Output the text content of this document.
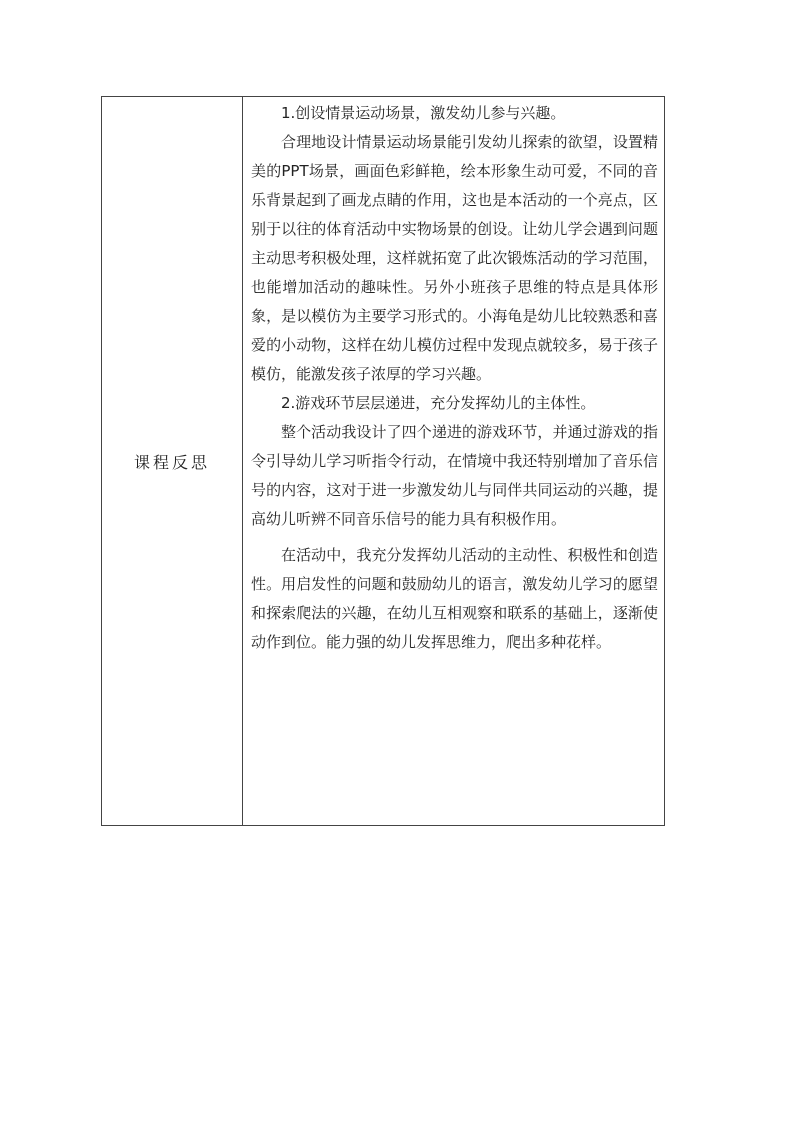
课程反思

1.创设情景运动场景，激发幼儿参与兴趣。

合理地设计情景运动场景能引发幼儿探索的欲望，设置精美的PPT场景，画面色彩鲜艳，绘本形象生动可爱，不同的音乐背景起到了画龙点睛的作用，这也是本活动的一个亮点，区别于以往的体育活动中实物场景的创设。让幼儿学会遇到问题主动思考积极处理，这样就拓宽了此次锻炼活动的学习范围，也能增加活动的趣味性。另外小班孩子思维的特点是具体形象，是以模仿为主要学习形式的。小海龟是幼儿比较熟悉和喜爱的小动物，这样在幼儿模仿过程中发现点就较多，易于孩子模仿，能激发孩子浓厚的学习兴趣。

2.游戏环节层层递进，充分发挥幼儿的主体性。

整个活动我设计了四个递进的游戏环节，并通过游戏的指令引导幼儿学习听指令行动，在情境中我还特别增加了音乐信号的内容，这对于进一步激发幼儿与同伴共同运动的兴趣，提高幼儿听辨不同音乐信号的能力具有积极作用。

在活动中，我充分发挥幼儿活动的主动性、积极性和创造性。用启发性的问题和鼓励幼儿的语言，激发幼儿学习的愿望和探索爬法的兴趣，在幼儿互相观察和联系的基础上，逐渐使动作到位。能力强的幼儿发挥思维力，爬出多种花样。
